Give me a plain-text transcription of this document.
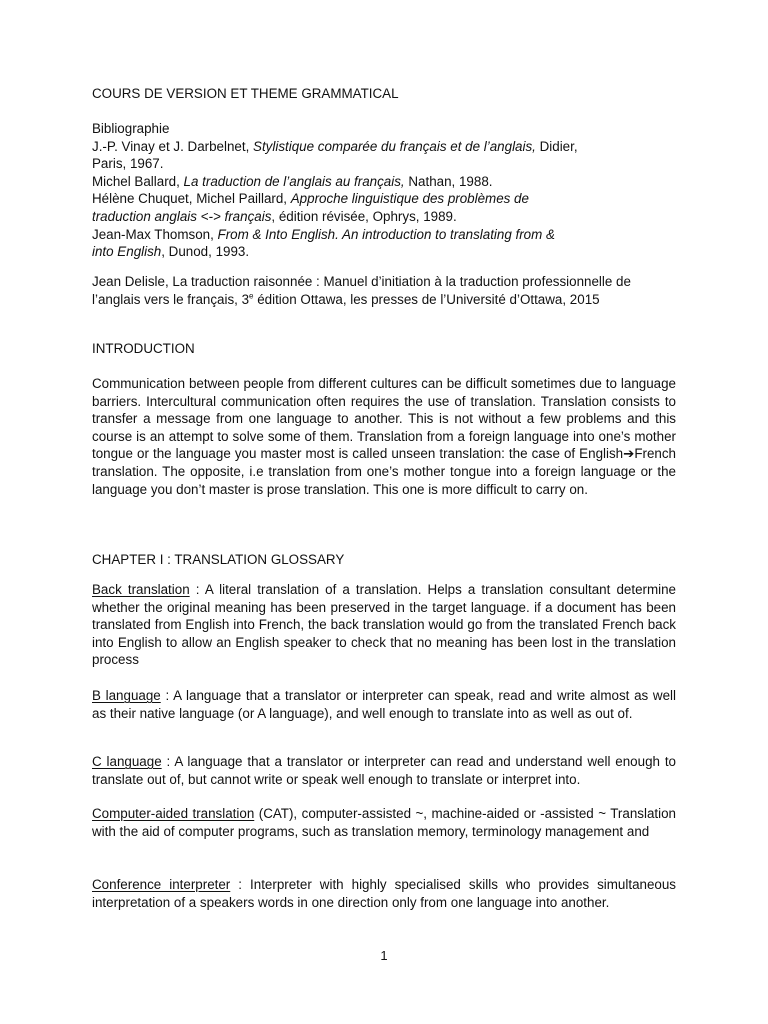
COURS DE VERSION ET THEME GRAMMATICAL
Bibliographie
J.-P. Vinay et J. Darbelnet, Stylistique comparée du français et de l’anglais, Didier,
Paris, 1967.
Michel Ballard, La traduction de l’anglais au français, Nathan, 1988.
Hélène Chuquet, Michel Paillard, Approche linguistique des problèmes de
traduction anglais <-> français, édition révisée, Ophrys, 1989.
Jean-Max Thomson, From & Into English. An introduction to translating from &
into English, Dunod, 1993.
Jean Delisle, La traduction raisonnée : Manuel d’initiation à la traduction professionnelle de
l’anglais vers le français, 3e édition Ottawa, les presses de l’Université d’Ottawa, 2015
INTRODUCTION
Communication between people from different cultures can be difficult sometimes due to language barriers. Intercultural communication often requires the use of translation. Translation consists to transfer a message from one language to another. This is not without a few problems and this course is an attempt to solve some of them. Translation from a foreign language into one’s mother tongue or the language you master most is called unseen translation: the case of English➔French translation. The opposite, i.e translation from one’s mother tongue into a foreign language or the language you don’t master is prose translation. This one is more difficult to carry on.
CHAPTER I : TRANSLATION GLOSSARY
Back translation : A literal translation of a translation. Helps a translation consultant determine whether the original meaning has been preserved in the target language. if a document has been translated from English into French, the back translation would go from the translated French back into English to allow an English speaker to check that no meaning has been lost in the translation process
B language : A language that a translator or interpreter can speak, read and write almost as well as their native language (or A language), and well enough to translate into as well as out of.
C language : A language that a translator or interpreter can read and understand well enough to translate out of, but cannot write or speak well enough to translate or interpret into.
Computer-aided translation (CAT), computer-assisted ~, machine-aided or -assisted ~ Translation with the aid of computer programs, such as translation memory, terminology management and
Conference interpreter : Interpreter with highly specialised skills who provides simultaneous interpretation of a speakers words in one direction only from one language into another.
1
